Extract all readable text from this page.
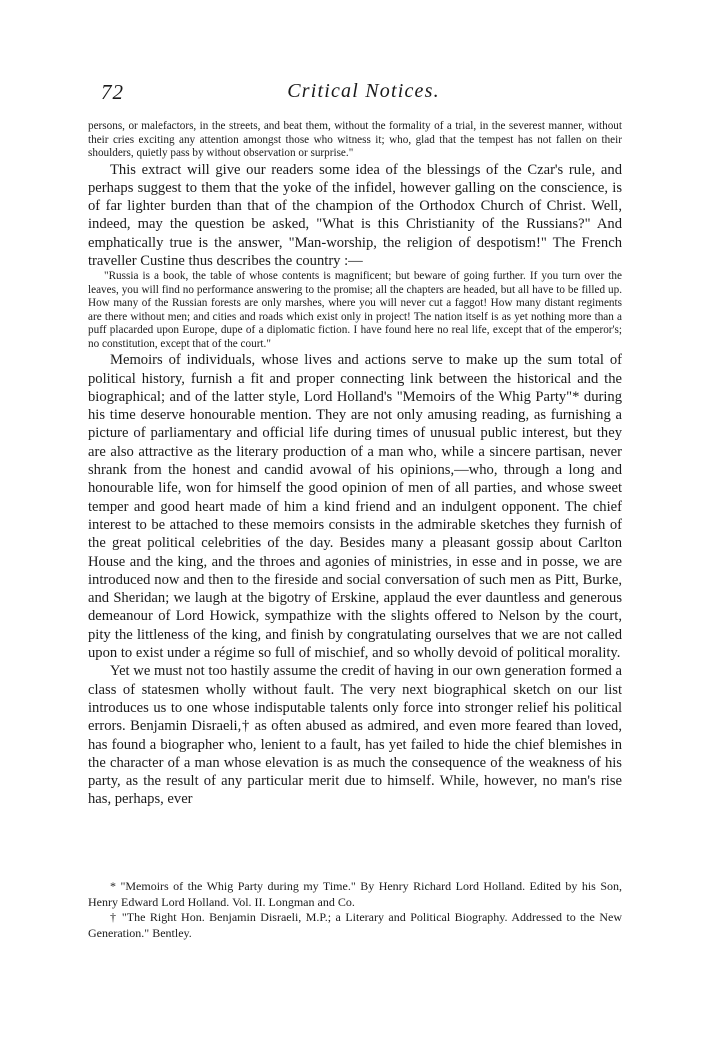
72	Critical Notices.

persons, or malefactors, in the streets, and beat them, without the formality of a trial, in the severest manner, without their cries exciting any attention amongst those who witness it; who, glad that the tempest has not fallen on their shoulders, quietly pass by without observation or surprise."

This extract will give our readers some idea of the blessings of the Czar's rule, and perhaps suggest to them that the yoke of the infidel, however galling on the conscience, is of far lighter burden than that of the champion of the Orthodox Church of Christ. Well, indeed, may the question be asked, "What is this Christianity of the Russians?" And emphatically true is the answer, "Man-worship, the religion of despotism!" The French traveller Custine thus describes the country :—

"Russia is a book, the table of whose contents is magnificent; but beware of going further. If you turn over the leaves, you will find no performance answering to the promise; all the chapters are headed, but all have to be filled up. How many of the Russian forests are only marshes, where you will never cut a faggot! How many distant regiments are there without men; and cities and roads which exist only in project! The nation itself is as yet nothing more than a puff placarded upon Europe, dupe of a diplomatic fiction. I have found here no real life, except that of the emperor's; no constitution, except that of the court."

Memoirs of individuals, whose lives and actions serve to make up the sum total of political history, furnish a fit and proper connecting link between the historical and the biographical; and of the latter style, Lord Holland's "Memoirs of the Whig Party"* during his time deserve honourable mention. They are not only amusing reading, as furnishing a picture of parliamentary and official life during times of unusual public interest, but they are also attractive as the literary production of a man who, while a sincere partisan, never shrank from the honest and candid avowal of his opinions,—who, through a long and honourable life, won for himself the good opinion of men of all parties, and whose sweet temper and good heart made of him a kind friend and an indulgent opponent. The chief interest to be attached to these memoirs consists in the admirable sketches they furnish of the great political celebrities of the day. Besides many a pleasant gossip about Carlton House and the king, and the throes and agonies of ministries, in esse and in posse, we are introduced now and then to the fireside and social conversation of such men as Pitt, Burke, and Sheridan; we laugh at the bigotry of Erskine, applaud the ever dauntless and generous demeanour of Lord Howick, sympathize with the slights offered to Nelson by the court, pity the littleness of the king, and finish by congratulating ourselves that we are not called upon to exist under a régime so full of mischief, and so wholly devoid of political morality.

Yet we must not too hastily assume the credit of having in our own generation formed a class of statesmen wholly without fault. The very next biographical sketch on our list introduces us to one whose indisputable talents only force into stronger relief his political errors. Benjamin Disraeli,† as often abused as admired, and even more feared than loved, has found a biographer who, lenient to a fault, has yet failed to hide the chief blemishes in the character of a man whose elevation is as much the consequence of the weakness of his party, as the result of any particular merit due to himself. While, however, no man's rise has, perhaps, ever

* "Memoirs of the Whig Party during my Time." By Henry Richard Lord Holland. Edited by his Son, Henry Edward Lord Holland. Vol. II. Longman and Co.

† "The Right Hon. Benjamin Disraeli, M.P.; a Literary and Political Biography. Addressed to the New Generation." Bentley.
